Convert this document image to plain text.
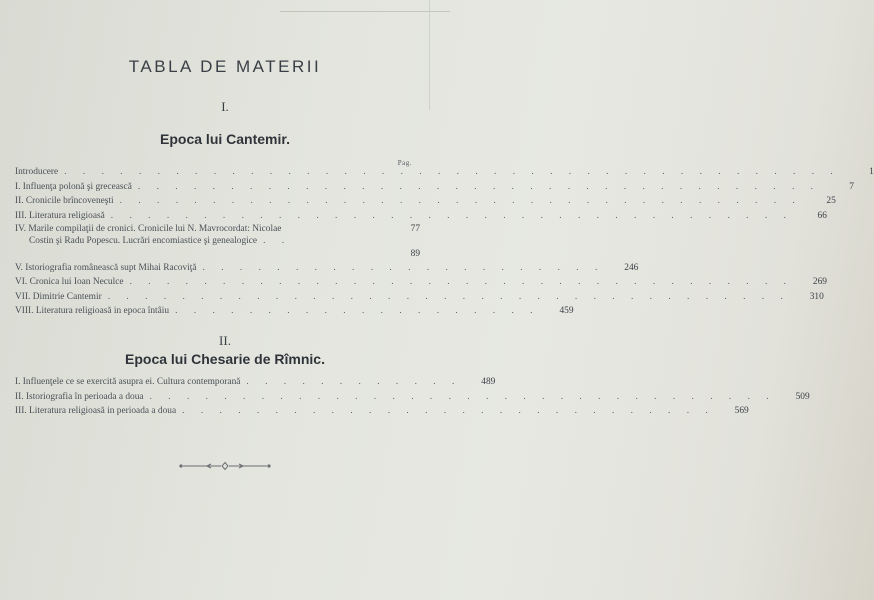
TABLA DE MATERII
I.
Epoca lui Cantemir.
Pag.
Introducere . . . . . . . . . . . . . . . . . . . . . . . . . . . . . . . . . . . . . . . . . .	1
I. Influenţa polonă şi grecească . . . . . . . . . . . . . . . . . . . . . . . . . . . . . . . . . . . . .	7
II. Cronicile brîncoveneşti . . . . . . . . . . . . . . . . . . . . . . . . . . . . . . . . . . . . .	25
III. Literatura religioasă . . . . . . . . . . . . . . . . . . . . . . . . . . . . . . . . . . . . .	66
IV. Marile compilaţii de cronici. Cronicile lui N. Mavrocordat: Nicolae	77
Costin şi Radu Popescu. Lucrări encomiastice şi genealogice . .
89
V. Istoriografia românească supt Mihai Racoviţă . . . . . . . . . . . . . . . . . . . . . .	246
VI. Cronica lui Ioan Neculce . . . . . . . . . . . . . . . . . . . . . . . . . . . . . . . . . . . .	269
VII. Dimitrie Cantemir . . . . . . . . . . . . . . . . . . . . . . . . . . . . . . . . . . . . .	310
VIII. Literatura religioasă in epoca întâiu . . . . . . . . . . . . . . . . . . . .	459
II.
Epoca lui Chesarie de Rîmnic.
I. Influenţele ce se exercită asupra ei. Cultura contemporană . . . . . . . . . . . .	489
II. Istoriografia în perioada a doua . . . . . . . . . . . . . . . . . . . . . . . . . . . . . . . . . .	509
III. Literatura religioasă in perioada a doua . . . . . . . . . . . . . . . . . . . . . . . . . . . . .	569
